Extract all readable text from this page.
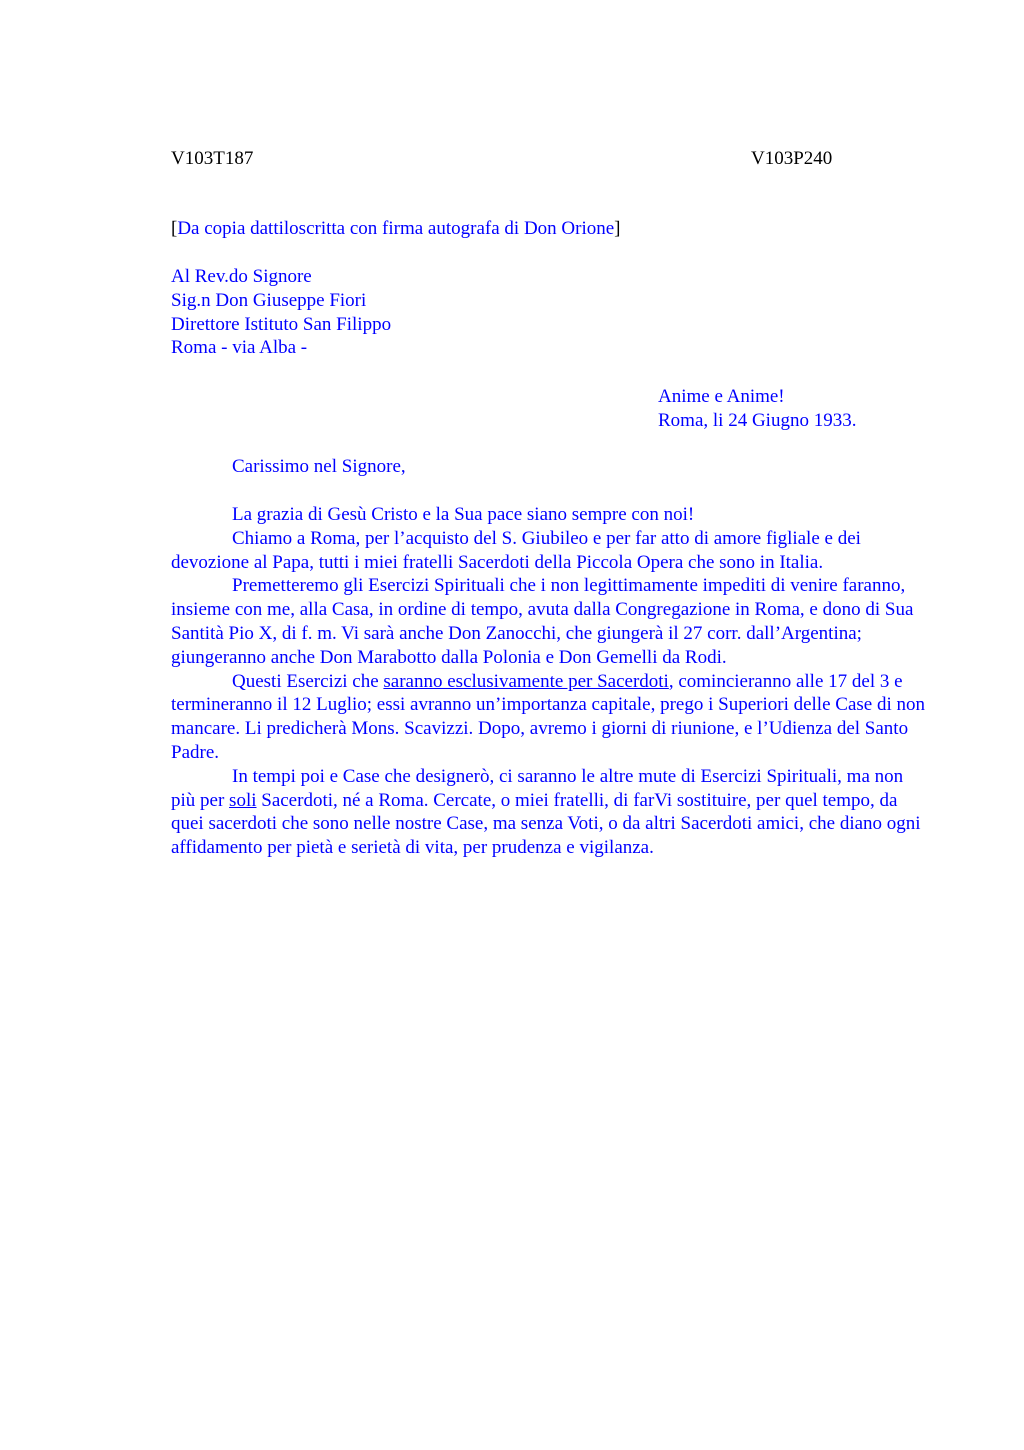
V103T187	V103P240
[Da copia dattiloscritta con firma autografa di Don Orione]
Al Rev.do Signore
Sig.n Don Giuseppe Fiori
Direttore Istituto San Filippo
Roma - via Alba -
Anime e Anime!
Roma, li 24 Giugno 1933.
Carissimo nel Signore,

La grazia di Gesù Cristo e la Sua pace siano sempre con noi!

Chiamo a Roma, per l’acquisto del S. Giubileo e per far atto di amore figliale e dei devozione al Papa, tutti i miei fratelli Sacerdoti della Piccola Opera che sono in Italia.

Premetteremo gli Esercizi Spirituali che i non legittimamente impediti di venire faranno, insieme con me, alla Casa, in ordine di tempo, avuta dalla Congregazione in Roma, e dono di Sua Santità Pio X, di f. m. Vi sarà anche Don Zanocchi, che giungerà il 27 corr. dall’Argentina; giungeranno anche Don Marabotto dalla Polonia e Don Gemelli da Rodi.

Questi Esercizi che saranno esclusivamente per Sacerdoti, comincieranno alle 17 del 3 e termineranno il 12 Luglio; essi avranno un’importanza capitale, prego i Superiori delle Case di non mancare. Li predicherà Mons. Scavizzi. Dopo, avremo i giorni di riunione, e l’Udienza del Santo Padre.

In tempi poi e Case che designerò, ci saranno le altre mute di Esercizi Spirituali, ma non più per soli Sacerdoti, né a Roma. Cercate, o miei fratelli, di farVi sostituire, per quel tempo, da quei sacerdoti che sono nelle nostre Case, ma senza Voti, o da altri Sacerdoti amici, che diano ogni affidamento per pietà e serietà di vita, per prudenza e vigilanza.
